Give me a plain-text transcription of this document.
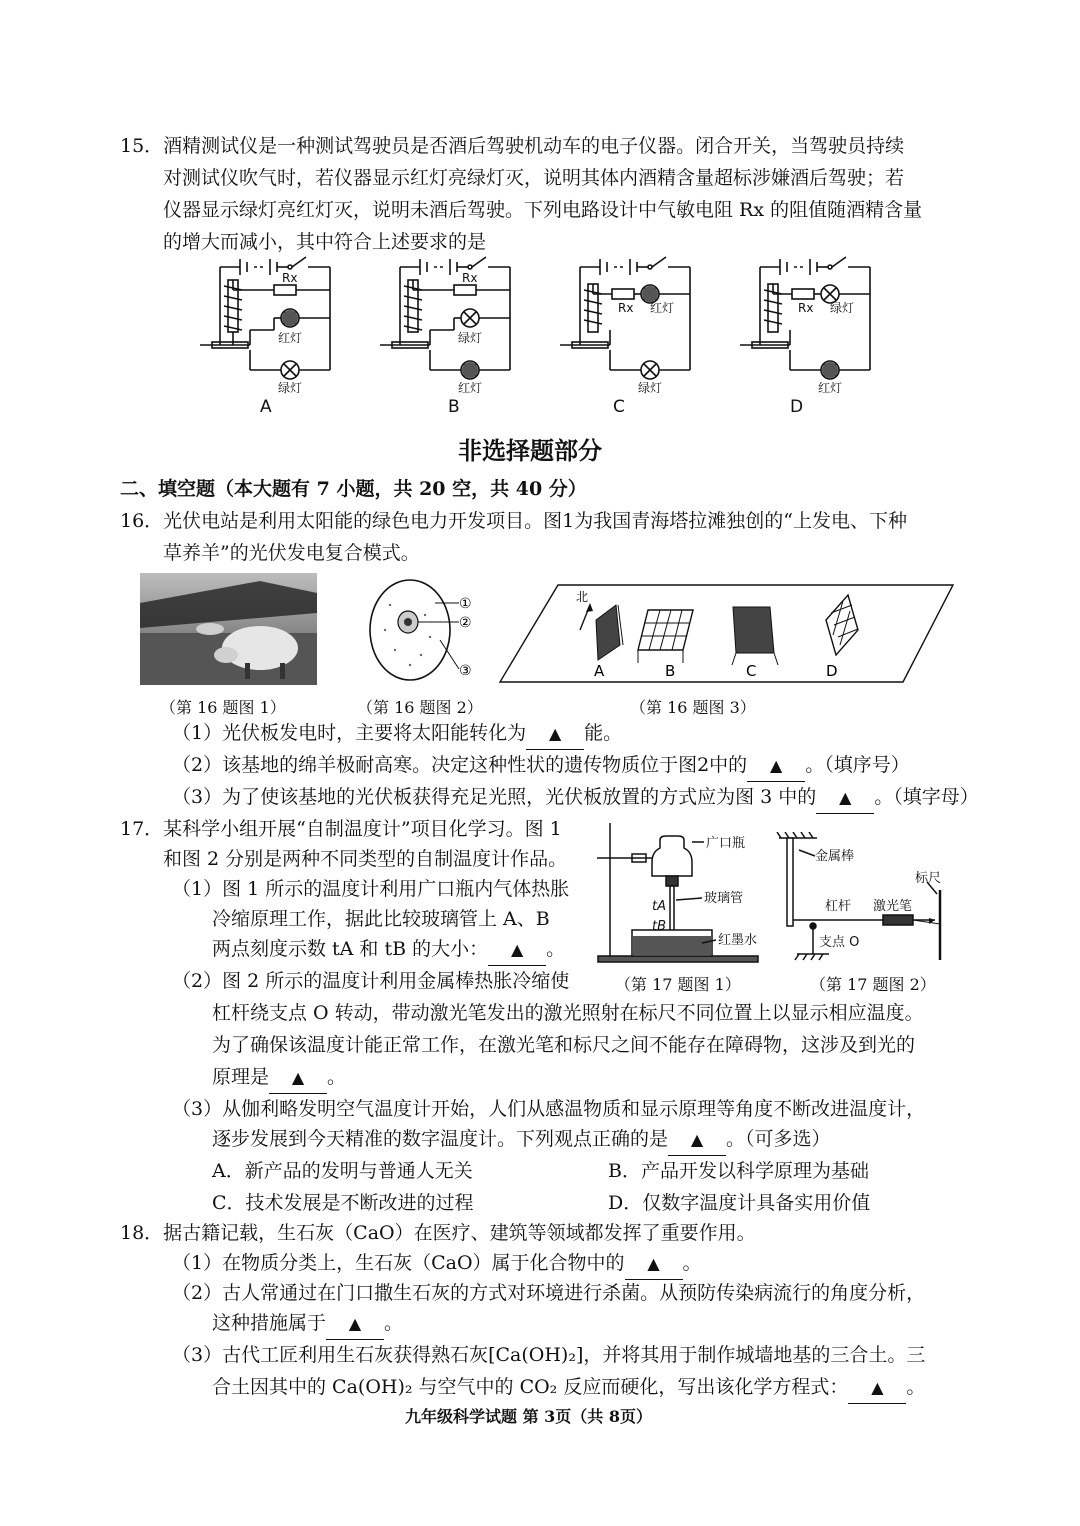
15．酒精测试仪是一种测试驾驶员是否酒后驾驶机动车的电子仪器。闭合开关，当驾驶员持续
对测试仪吹气时，若仪器显示红灯亮绿灯灭，说明其体内酒精含量超标涉嫌酒后驾驶；若
仪器显示绿灯亮红灯灭，说明未酒后驾驶。下列电路设计中气敏电阻 Rx 的阻值随酒精含量
的增大而减小，其中符合上述要求的是
Rx
红灯
绿灯
Rx
绿灯
红灯
Rx 红灯
绿灯
Rx 绿灯
红灯
A	B	C	D
非选择题部分
二、填空题（本大题有 7 小题，共 20 空，共 40 分）
16．光伏电站是利用太阳能的绿色电力开发项目。图1为我国青海塔拉滩独创的“上发电、下种
草养羊”的光伏发电复合模式。
①
②
③
北
A	B	C	D
（第 16 题图 1）	（第 16 题图 2）	（第 16 题图 3）
（1）光伏板发电时，主要将太阳能转化为 ▲ 能。
（2）该基地的绵羊极耐高寒。决定这种性状的遗传物质位于图2中的 ▲ 。（填序号）
（3）为了使该基地的光伏板获得充足光照，光伏板放置的方式应为图 3 中的 ▲ 。（填字母）
17．某科学小组开展“自制温度计”项目化学习。图 1
和图 2 分别是两种不同类型的自制温度计作品。
（1）图 1 所示的温度计利用广口瓶内气体热胀
冷缩原理工作，据此比较玻璃管上 A、B
两点刻度示数 tA 和 tB 的大小： ▲ 。
（2）图 2 所示的温度计利用金属棒热胀冷缩使
杠杆绕支点 O 转动，带动激光笔发出的激光照射在标尺不同位置上以显示相应温度。
为了确保该温度计能正常工作，在激光笔和标尺之间不能存在障碍物，这涉及到光的
原理是 ▲ 。
（3）从伽利略发明空气温度计开始，人们从感温物质和显示原理等角度不断改进温度计，
逐步发展到今天精准的数字温度计。下列观点正确的是 ▲ 。（可多选）
A．新产品的发明与普通人无关	B．产品开发以科学原理为基础
C．技术发展是不断改进的过程	D．仅数字温度计具备实用价值
广口瓶
玻璃管
红墨水
tA
tB
（第 17 题图 1）
金属棒
标尺
杠杆 激光笔
支点 O
（第 17 题图 2）
18．据古籍记载，生石灰（CaO）在医疗、建筑等领域都发挥了重要作用。
（1）在物质分类上，生石灰（CaO）属于化合物中的 ▲ 。
（2）古人常通过在门口撒生石灰的方式对环境进行杀菌。从预防传染病流行的角度分析，
这种措施属于 ▲ 。
（3）古代工匠利用生石灰获得熟石灰[Ca(OH)₂]，并将其用于制作城墙地基的三合土。三
合土因其中的 Ca(OH)₂ 与空气中的 CO₂ 反应而硬化，写出该化学方程式： ▲ 。
九年级科学试题 第 3页（共 8页）
